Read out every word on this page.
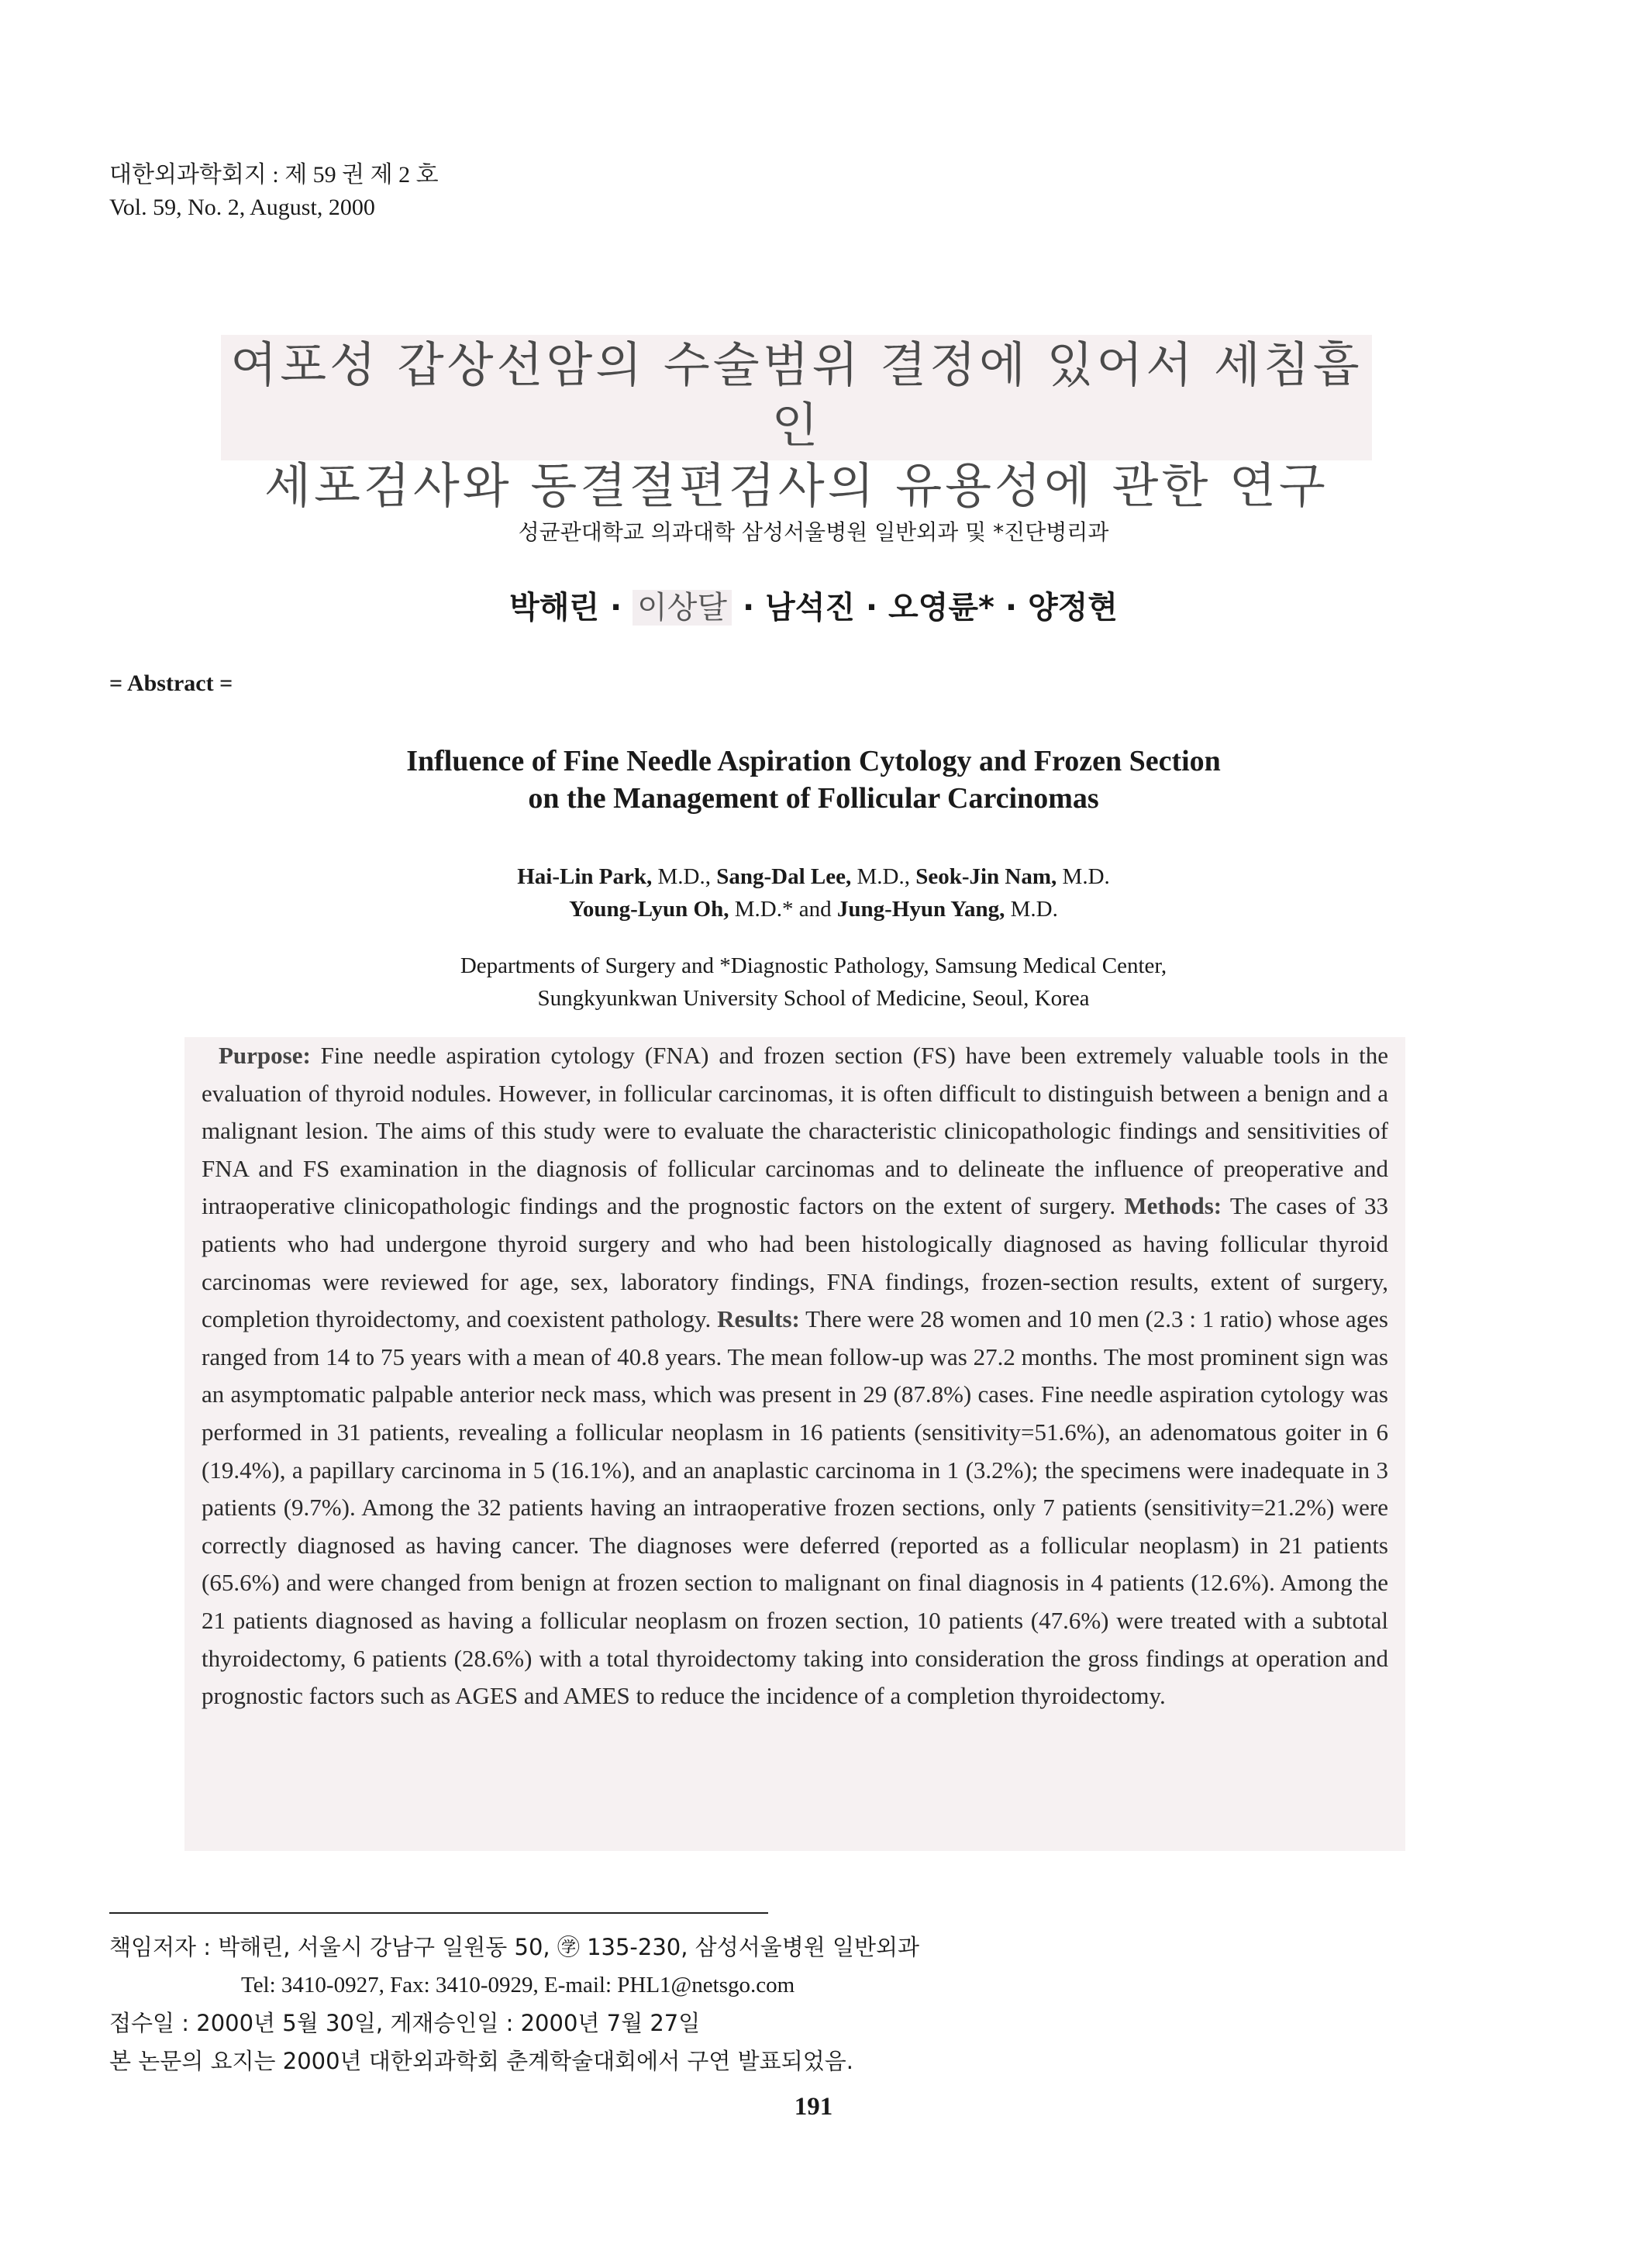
대한외과학회지 : 제 59 권 제 2 호
Vol. 59, No. 2, August, 2000
여포성 갑상선암의 수술범위 결정에 있어서 세침흡인
세포검사와 동결절편검사의 유용성에 관한 연구
성균관대학교 의과대학 삼성서울병원 일반외과 및 *진단병리과
박해린 · 이상달 · 남석진 · 오영륜* · 양정현
= Abstract =
Influence of Fine Needle Aspiration Cytology and Frozen Section
on the Management of Follicular Carcinomas
Hai-Lin Park, M.D., Sang-Dal Lee, M.D., Seok-Jin Nam, M.D.
Young-Lyun Oh, M.D.* and Jung-Hyun Yang, M.D.
Departments of Surgery and *Diagnostic Pathology, Samsung Medical Center,
Sungkyunkwan University School of Medicine, Seoul, Korea
Purpose: Fine needle aspiration cytology (FNA) and frozen section (FS) have been extremely valuable tools in the evaluation of thyroid nodules. However, in follicular carcinomas, it is often difficult to distinguish between a benign and a malignant lesion. The aims of this study were to evaluate the characteristic clinicopathologic findings and sensitivities of FNA and FS examination in the diagnosis of follicular carcinomas and to delineate the influence of preoperative and intraoperative clinicopathologic findings and the prognostic factors on the extent of surgery. Methods: The cases of 33 patients who had undergone thyroid surgery and who had been histologically diagnosed as having follicular thyroid carcinomas were reviewed for age, sex, laboratory findings, FNA findings, frozen-section results, extent of surgery, completion thyroidectomy, and coexistent pathology. Results: There were 28 women and 10 men (2.3 : 1 ratio) whose ages ranged from 14 to 75 years with a mean of 40.8 years. The mean follow-up was 27.2 months. The most prominent sign was an asymptomatic palpable anterior neck mass, which was present in 29 (87.8%) cases. Fine needle aspiration cytology was performed in 31 patients, revealing a follicular neoplasm in 16 patients (sensitivity=51.6%), an adenomatous goiter in 6 (19.4%), a papillary carcinoma in 5 (16.1%), and an anaplastic carcinoma in 1 (3.2%); the specimens were inadequate in 3 patients (9.7%). Among the 32 patients having an intraoperative frozen sections, only 7 patients (sensitivity=21.2%) were correctly diagnosed as having cancer. The diagnoses were deferred (reported as a follicular neoplasm) in 21 patients (65.6%) and were changed from benign at frozen section to malignant on final diagnosis in 4 patients (12.6%). Among the 21 patients diagnosed as having a follicular neoplasm on frozen section, 10 patients (47.6%) were treated with a subtotal thyroidectomy, 6 patients (28.6%) with a total thyroidectomy taking into consideration the gross findings at operation and prognostic factors such as AGES and AMES to reduce the incidence of a completion thyroidectomy.
책임저자 : 박해린, 서울시 강남구 일원동 50, ㊫ 135-230, 삼성서울병원 일반외과
Tel: 3410-0927, Fax: 3410-0929, E-mail: PHL1@netsgo.com
접수일 : 2000년 5월 30일, 게재승인일 : 2000년 7월 27일
본 논문의 요지는 2000년 대한외과학회 춘계학술대회에서 구연 발표되었음.
191
